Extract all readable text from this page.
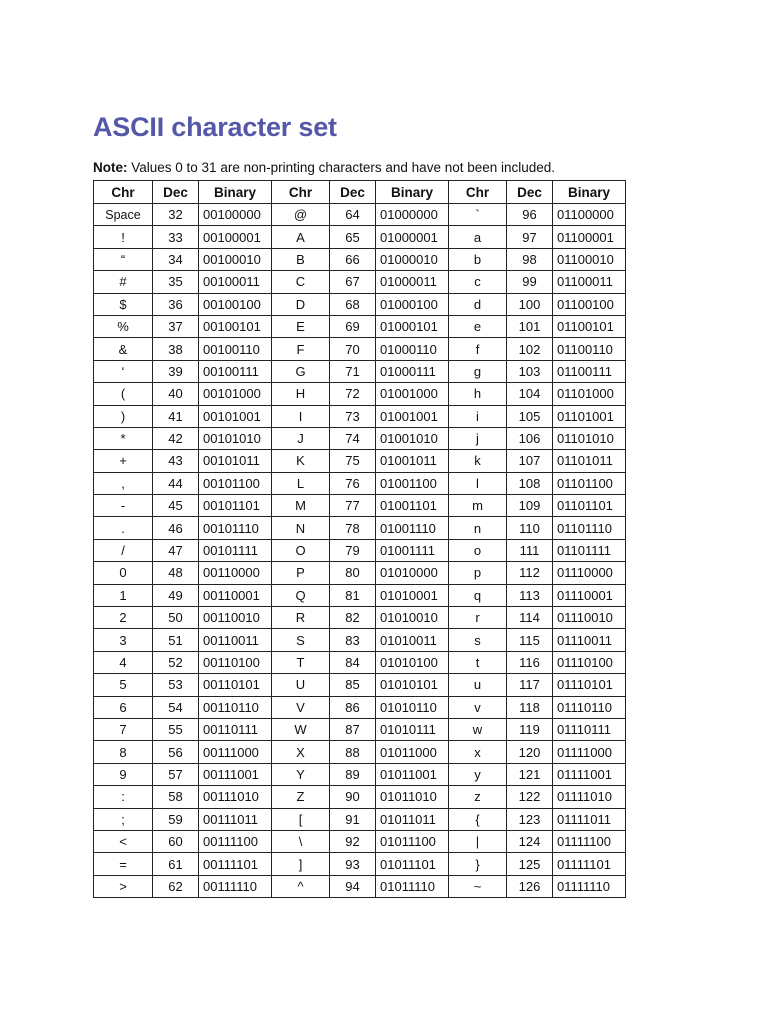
ASCII character set
Note: Values 0 to 31 are non-printing characters and have not been included.
Chr	Dec	Binary	Chr	Dec	Binary	Chr	Dec	Binary
Space	32	00100000	@	64	01000000	`	96	01100000
!	33	00100001	A	65	01000001	a	97	01100001
“	34	00100010	B	66	01000010	b	98	01100010
#	35	00100011	C	67	01000011	c	99	01100011
$	36	00100100	D	68	01000100	d	100	01100100
%	37	00100101	E	69	01000101	e	101	01100101
&	38	00100110	F	70	01000110	f	102	01100110
‘	39	00100111	G	71	01000111	g	103	01100111
(	40	00101000	H	72	01001000	h	104	01101000
)	41	00101001	I	73	01001001	i	105	01101001
*	42	00101010	J	74	01001010	j	106	01101010
+	43	00101011	K	75	01001011	k	107	01101011
,	44	00101100	L	76	01001100	l	108	01101100
-	45	00101101	M	77	01001101	m	109	01101101
.	46	00101110	N	78	01001110	n	110	01101110
/	47	00101111	O	79	01001111	o	111	01101111
0	48	00110000	P	80	01010000	p	112	01110000
1	49	00110001	Q	81	01010001	q	113	01110001
2	50	00110010	R	82	01010010	r	114	01110010
3	51	00110011	S	83	01010011	s	115	01110011
4	52	00110100	T	84	01010100	t	116	01110100
5	53	00110101	U	85	01010101	u	117	01110101
6	54	00110110	V	86	01010110	v	118	01110110
7	55	00110111	W	87	01010111	w	119	01110111
8	56	00111000	X	88	01011000	x	120	01111000
9	57	00111001	Y	89	01011001	y	121	01111001
:	58	00111010	Z	90	01011010	z	122	01111010
;	59	00111011	[	91	01011011	{	123	01111011
<	60	00111100	\	92	01011100	|	124	01111100
=	61	00111101	]	93	01011101	}	125	01111101
>	62	00111110	^	94	01011110	~	126	01111110
